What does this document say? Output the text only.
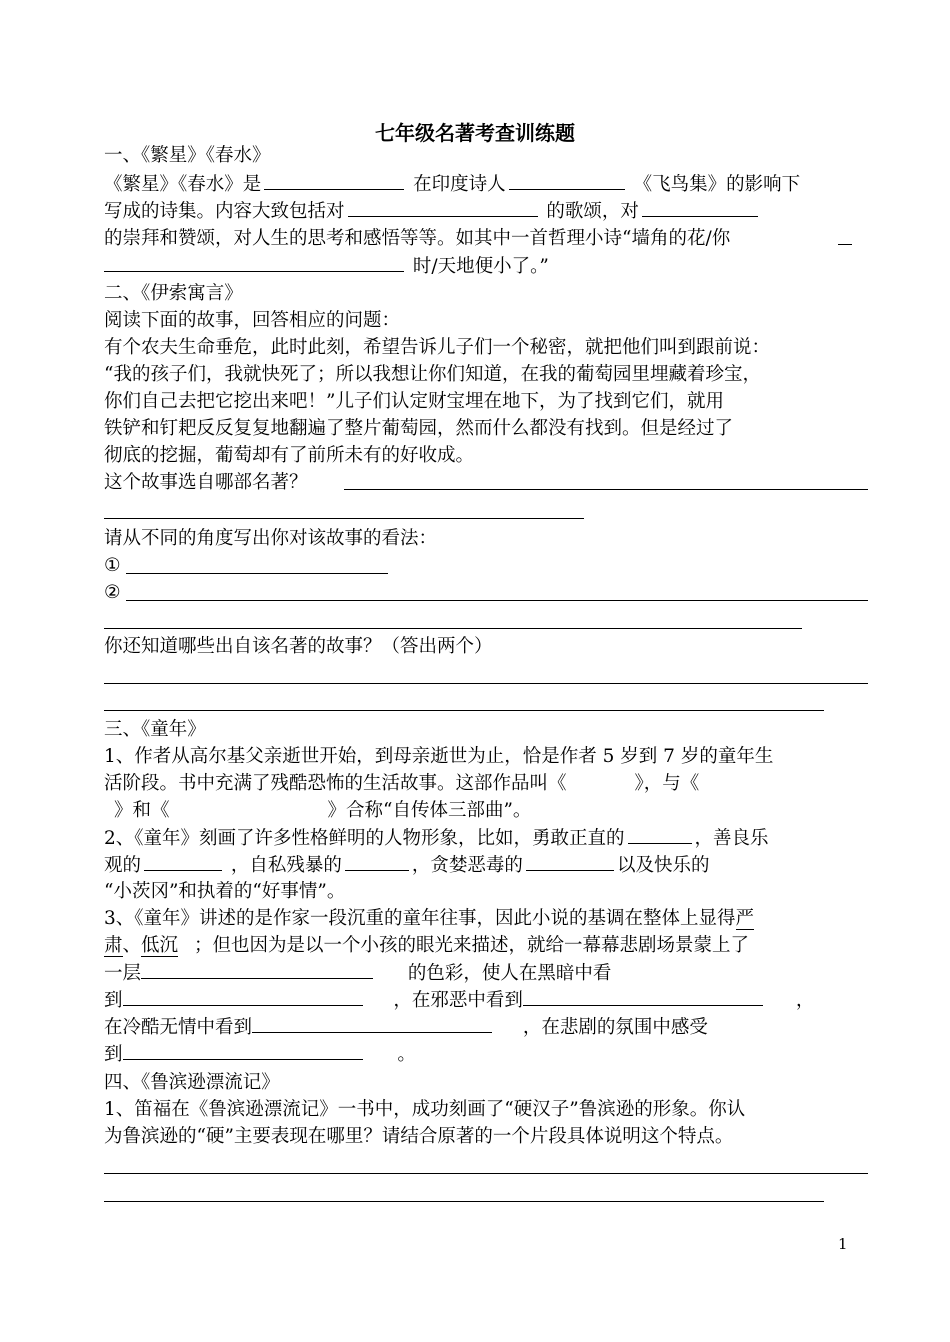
七年级名著考查训练题
一、《繁星》《春水》
《繁星》《春水》是	在印度诗人	《飞鸟集》的影响下
写成的诗集。内容大致包括对	的歌颂，对
的崇拜和赞颂，对人生的思考和感悟等等。如其中一首哲理小诗“墙角的花/你
时/天地便小了。”
二、《伊索寓言》
阅读下面的故事，回答相应的问题：
有个农夫生命垂危，此时此刻，希望告诉儿子们一个秘密，就把他们叫到跟前说：
“我的孩子们，我就快死了；所以我想让你们知道，在我的葡萄园里埋藏着珍宝，
你们自己去把它挖出来吧！”儿子们认定财宝埋在地下，为了找到它们，就用
铁铲和钉耙反反复复地翻遍了整片葡萄园，然而什么都没有找到。但是经过了
彻底的挖掘，葡萄却有了前所未有的好收成。
这个故事选自哪部名著？
请从不同的角度写出你对该故事的看法：
①
②
你还知道哪些出自该名著的故事？（答出两个）
三、《童年》
1、作者从高尔基父亲逝世开始，到母亲逝世为止，恰是作者 5 岁到 7 岁的童年生
活阶段。书中充满了残酷恐怖的生活故事。这部作品叫《	》，与《
》和《	》合称“自传体三部曲”。
2、《童年》刻画了许多性格鲜明的人物形象，比如，勇敢正直的	，善良乐
观的	，自私残暴的	，贪婪恶毒的	以及快乐的
“小茨冈”和执着的“好事情”。
3、《童年》讲述的是作家一段沉重的童年往事，因此小说的基调在整体上显得严
肃、低沉 ；但也因为是以一个小孩的眼光来描述，就给一幕幕悲剧场景蒙上了
一层	的色彩，使人在黑暗中看
到	，在邪恶中看到	，
在冷酷无情中看到	，在悲剧的氛围中感受
到	。
四、《鲁滨逊漂流记》
1、笛福在《鲁滨逊漂流记》一书中，成功刻画了“硬汉子”鲁滨逊的形象。你认
为鲁滨逊的“硬”主要表现在哪里？请结合原著的一个片段具体说明这个特点。
1
